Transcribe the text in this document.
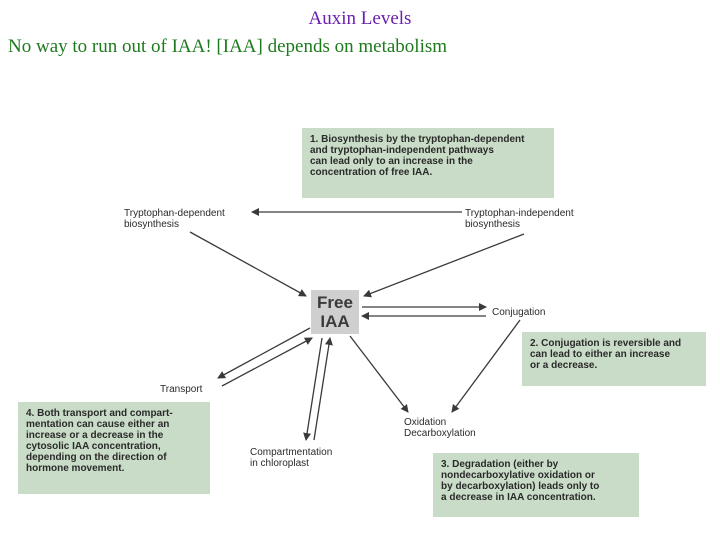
Auxin Levels
No way to run out of IAA! [IAA] depends on metabolism
1. Biosynthesis by the tryptophan-dependent
and tryptophan-independent pathways
can lead only to an increase in the
concentration of free IAA.
2. Conjugation is reversible and
can lead to either an increase
or a decrease.
3. Degradation (either by
nondecarboxylative oxidation or
by decarboxylation) leads only to
a decrease in IAA concentration.
4. Both transport and compart-
mentation can cause either an
increase or a decrease in the
cytosolic IAA concentration,
depending on the direction of
hormone movement.
Free
IAA
Tryptophan-dependent
biosynthesis
Tryptophan-independent
biosynthesis
Conjugation
Oxidation
Decarboxylation
Compartmentation
in chloroplast
Transport
